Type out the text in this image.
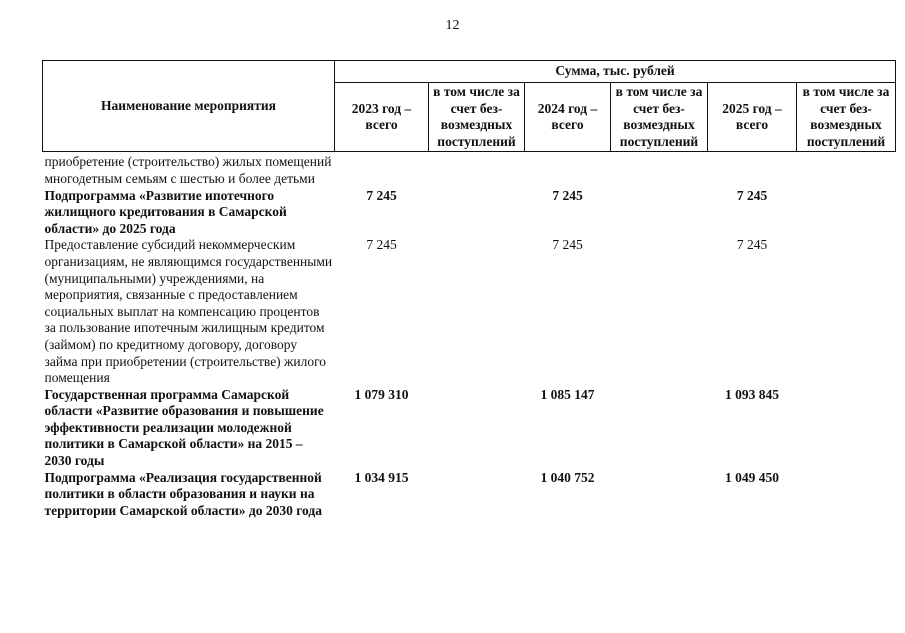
12
Наименование мероприятия	Сумма, тыс. рублей					
	2023 год – всего	в том числе за счет без-возмездных поступлений	2024 год – всего	в том числе за счет без-возмездных поступлений	2025 год – всего	в том числе за счет без-возмездных поступлений
приобретение (строительство) жилых помещений многодетным семьям с шестью и более детьми						
Подпрограмма «Развитие ипотечного жилищного кредитования в Самарской области» до 2025 года	7 245		7 245		7 245	
Предоставление субсидий некоммерческим организациям, не являющимся государственными (муниципальными) учреждениями, на мероприятия, связанные с предоставлением социальных выплат на компенсацию процентов за пользование ипотечным жилищным кредитом (займом) по кредитному договору, договору займа при приобретении (строительстве) жилого помещения	7 245		7 245		7 245	
Государственная программа Самарской области «Развитие образования и повышение эффективности реализации молодежной политики в Самарской области» на 2015 – 2030 годы	1 079 310		1 085 147		1 093 845	
Подпрограмма «Реализация государственной политики в области образования и науки на территории Самарской области» до 2030 года	1 034 915		1 040 752		1 049 450	
